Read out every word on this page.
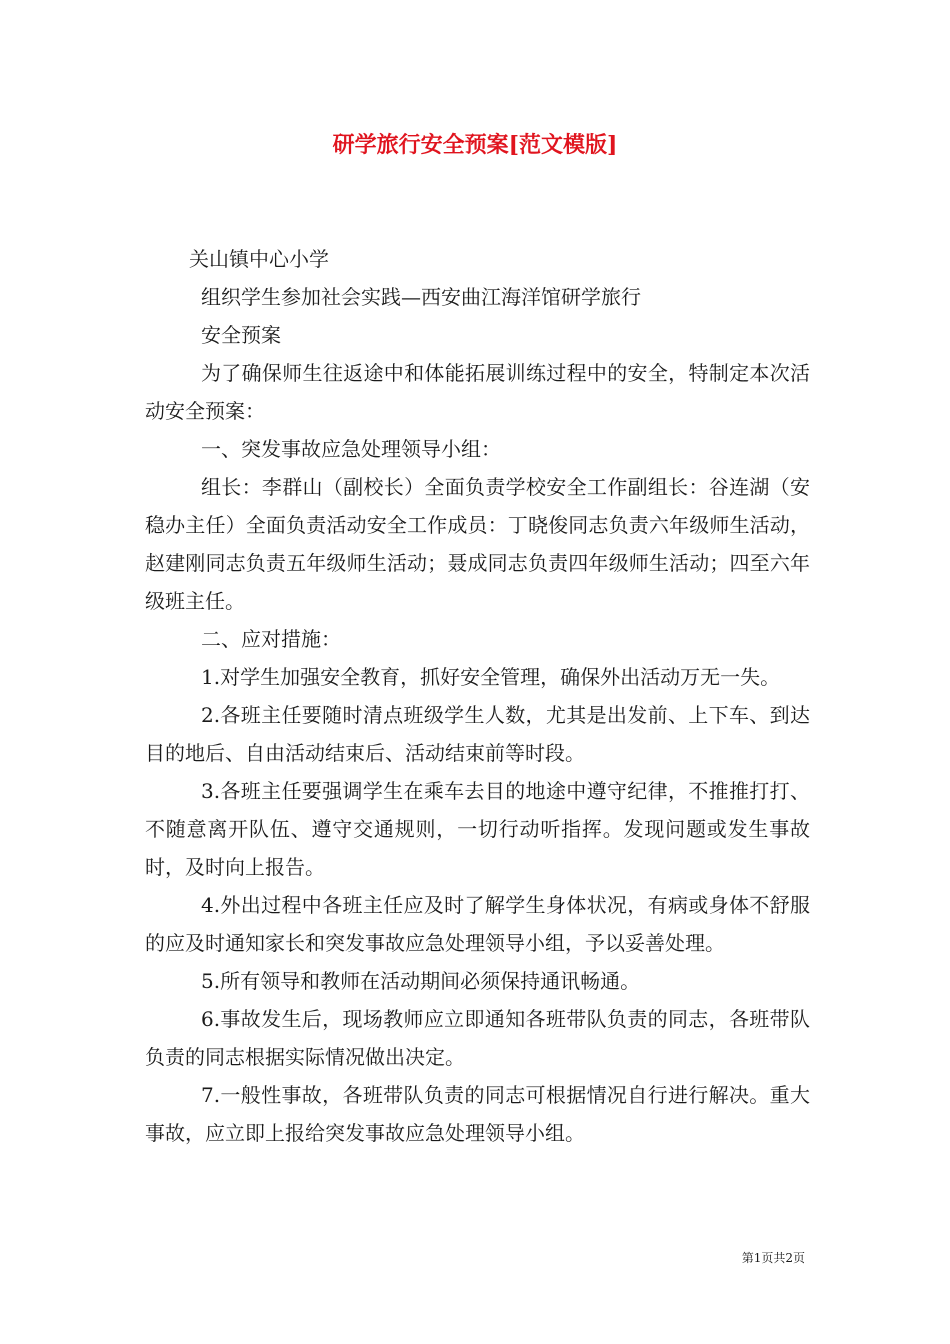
研学旅行安全预案[范文模版]

关山镇中心小学

组织学生参加社会实践—西安曲江海洋馆研学旅行

安全预案

为了确保师生往返途中和体能拓展训练过程中的安全，特制定本次活动安全预案：

一、突发事故应急处理领导小组：

组长：李群山（副校长）全面负责学校安全工作副组长：谷连湖（安稳办主任）全面负责活动安全工作成员：丁晓俊同志负责六年级师生活动，赵建刚同志负责五年级师生活动；聂成同志负责四年级师生活动；四至六年级班主任。

二、应对措施：

1.对学生加强安全教育，抓好安全管理，确保外出活动万无一失。

2.各班主任要随时清点班级学生人数，尤其是出发前、上下车、到达目的地后、自由活动结束后、活动结束前等时段。

3.各班主任要强调学生在乘车去目的地途中遵守纪律，不推推打打、不随意离开队伍、遵守交通规则，一切行动听指挥。发现问题或发生事故时，及时向上报告。

4.外出过程中各班主任应及时了解学生身体状况，有病或身体不舒服的应及时通知家长和突发事故应急处理领导小组，予以妥善处理。

5.所有领导和教师在活动期间必须保持通讯畅通。

6.事故发生后，现场教师应立即通知各班带队负责的同志，各班带队负责的同志根据实际情况做出决定。

7.一般性事故，各班带队负责的同志可根据情况自行进行解决。重大事故，应立即上报给突发事故应急处理领导小组。

第1页共2页
